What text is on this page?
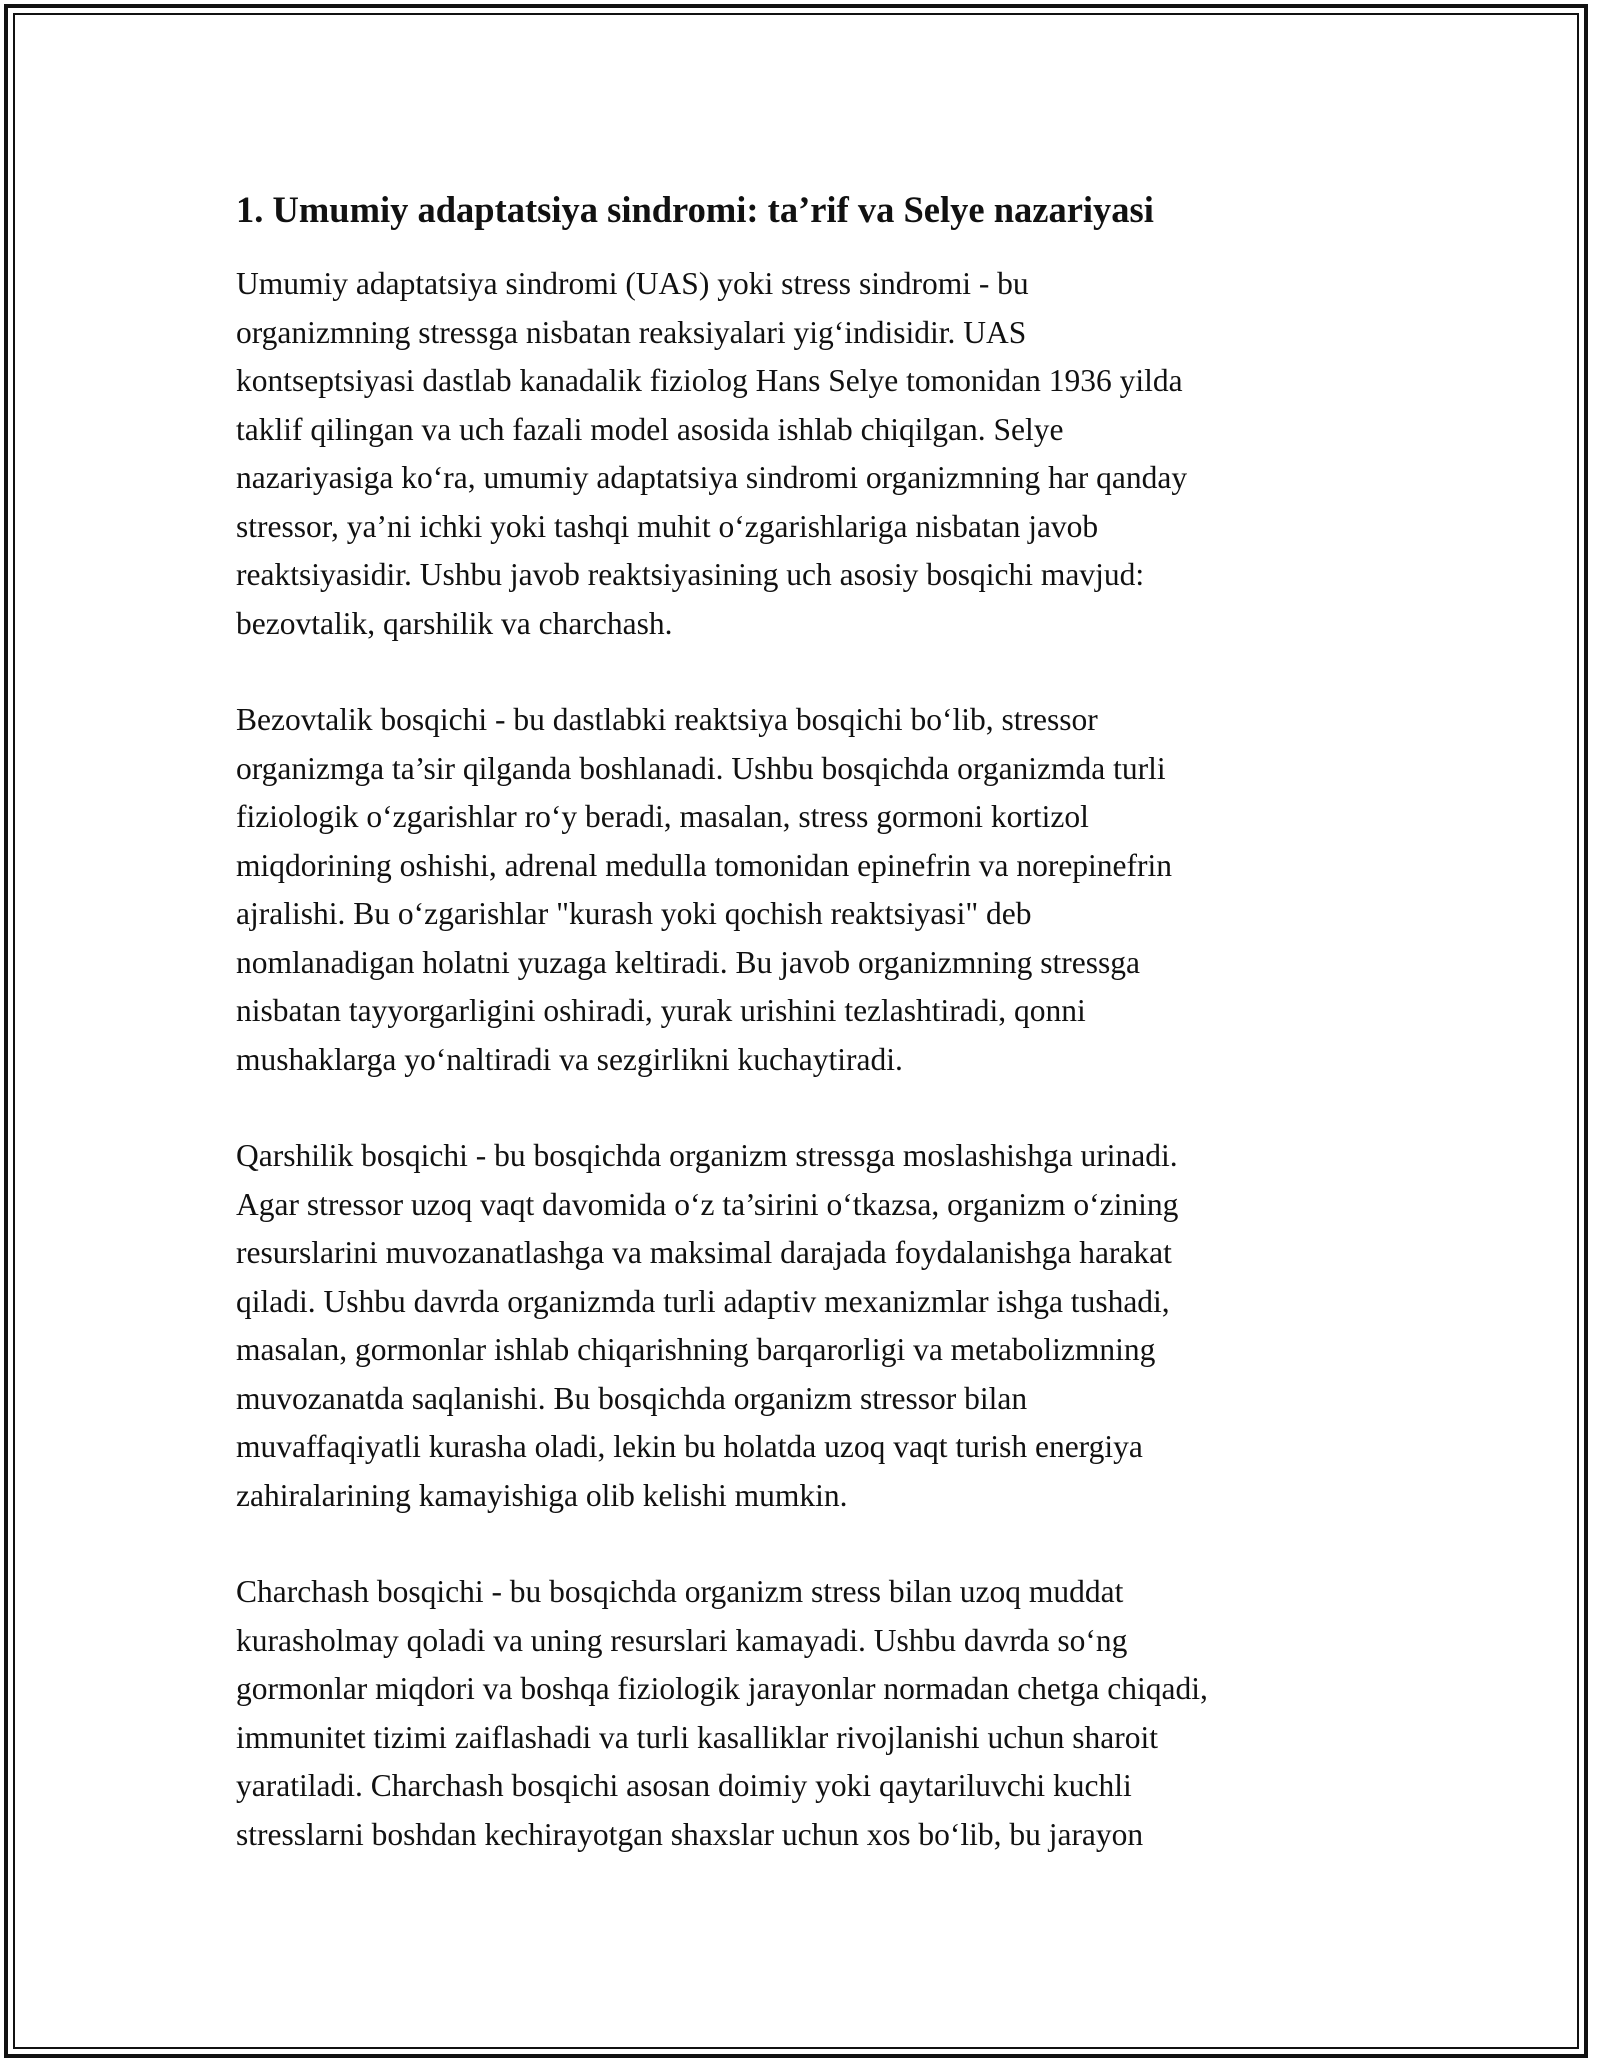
1. Umumiy adaptatsiya sindromi: ta’rif va Selye nazariyasi

Umumiy adaptatsiya sindromi (UAS) yoki stress sindromi - bu
organizmning stressga nisbatan reaksiyalari yig‘indisidir. UAS
kontseptsiyasi dastlab kanadalik fiziolog Hans Selye tomonidan 1936 yilda
taklif qilingan va uch fazali model asosida ishlab chiqilgan. Selye
nazariyasiga ko‘ra, umumiy adaptatsiya sindromi organizmning har qanday
stressor, ya’ni ichki yoki tashqi muhit o‘zgarishlariga nisbatan javob
reaktsiyasidir. Ushbu javob reaktsiyasining uch asosiy bosqichi mavjud:
bezovtalik, qarshilik va charchash.

Bezovtalik bosqichi - bu dastlabki reaktsiya bosqichi bo‘lib, stressor
organizmga ta’sir qilganda boshlanadi. Ushbu bosqichda organizmda turli
fiziologik o‘zgarishlar ro‘y beradi, masalan, stress gormoni kortizol
miqdorining oshishi, adrenal medulla tomonidan epinefrin va norepinefrin
ajralishi. Bu o‘zgarishlar "kurash yoki qochish reaktsiyasi" deb
nomlanadigan holatni yuzaga keltiradi. Bu javob organizmning stressga
nisbatan tayyorgarligini oshiradi, yurak urishini tezlashtiradi, qonni
mushaklarga yo‘naltiradi va sezgirlikni kuchaytiradi.

Qarshilik bosqichi - bu bosqichda organizm stressga moslashishga urinadi.
Agar stressor uzoq vaqt davomida o‘z ta’sirini o‘tkazsa, organizm o‘zining
resurslarini muvozanatlashga va maksimal darajada foydalanishga harakat
qiladi. Ushbu davrda organizmda turli adaptiv mexanizmlar ishga tushadi,
masalan, gormonlar ishlab chiqarishning barqarorligi va metabolizmning
muvozanatda saqlanishi. Bu bosqichda organizm stressor bilan
muvaffaqiyatli kurasha oladi, lekin bu holatda uzoq vaqt turish energiya
zahiralarining kamayishiga olib kelishi mumkin.

Charchash bosqichi - bu bosqichda organizm stress bilan uzoq muddat
kurasholmay qoladi va uning resurslari kamayadi. Ushbu davrda so‘ng
gormonlar miqdori va boshqa fiziologik jarayonlar normadan chetga chiqadi,
immunitet tizimi zaiflashadi va turli kasalliklar rivojlanishi uchun sharoit
yaratiladi. Charchash bosqichi asosan doimiy yoki qaytariluvchi kuchli
stresslarni boshdan kechirayotgan shaxslar uchun xos bo‘lib, bu jarayon
